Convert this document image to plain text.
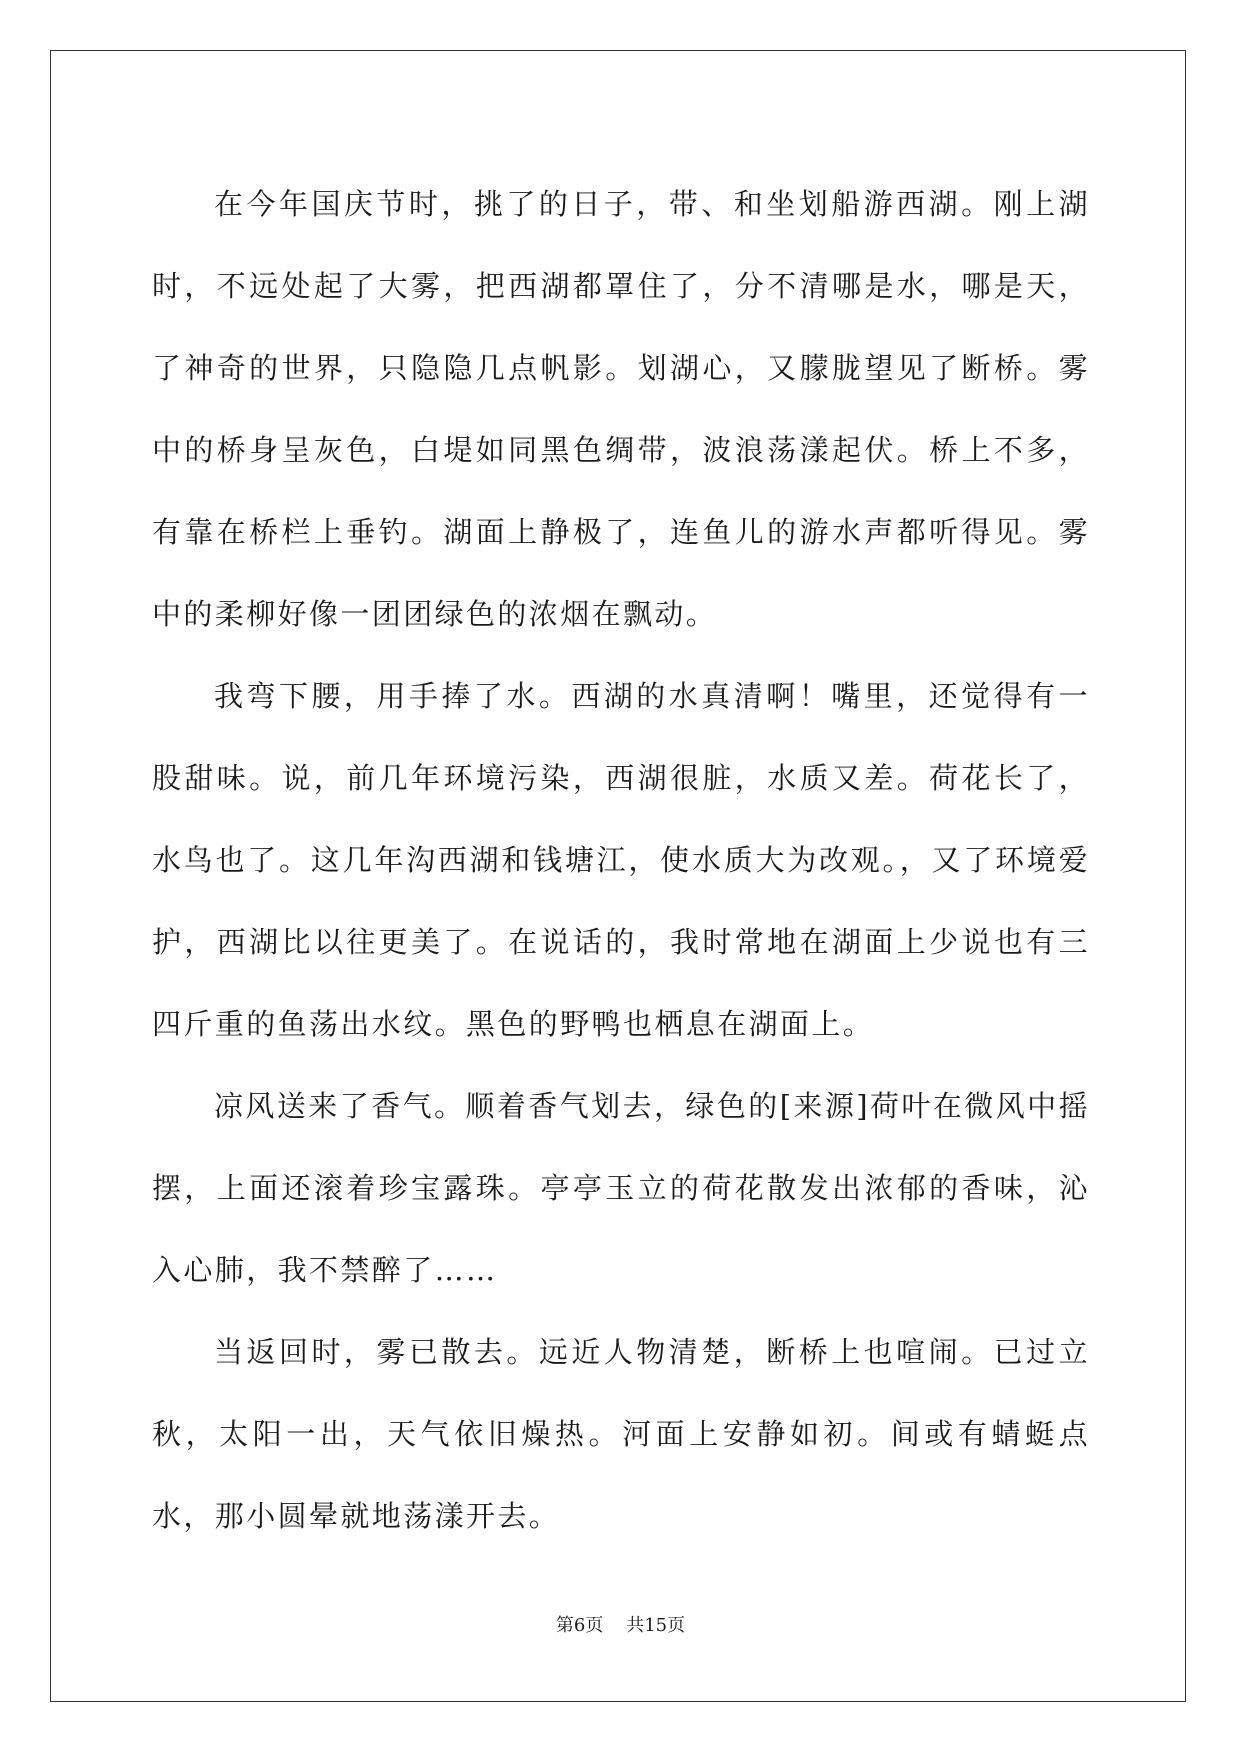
在今年国庆节时，挑了的日子，带、和坐划船游西湖。刚上湖时，不远处起了大雾，把西湖都罩住了，分不清哪是水，哪是天，了神奇的世界，只隐隐几点帆影。划湖心，又朦胧望见了断桥。雾中的桥身呈灰色，白堤如同黑色绸带，波浪荡漾起伏。桥上不多，有靠在桥栏上垂钓。湖面上静极了，连鱼儿的游水声都听得见。雾中的柔柳好像一团团绿色的浓烟在飘动。

我弯下腰，用手捧了水。西湖的水真清啊！嘴里，还觉得有一股甜味。说，前几年环境污染，西湖很脏，水质又差。荷花长了，水鸟也了。这几年沟西湖和钱塘江，使水质大为改观。，又了环境爱护，西湖比以往更美了。在说话的，我时常地在湖面上少说也有三四斤重的鱼荡出水纹。黑色的野鸭也栖息在湖面上。

凉风送来了香气。顺着香气划去，绿色的[来源]荷叶在微风中摇摆，上面还滚着珍宝露珠。亭亭玉立的荷花散发出浓郁的香味，沁入心肺，我不禁醉了……

当返回时，雾已散去。远近人物清楚，断桥上也喧闹。已过立秋，太阳一出，天气依旧燥热。河面上安静如初。间或有蜻蜓点水，那小圆晕就地荡漾开去。

第6页 共15页
